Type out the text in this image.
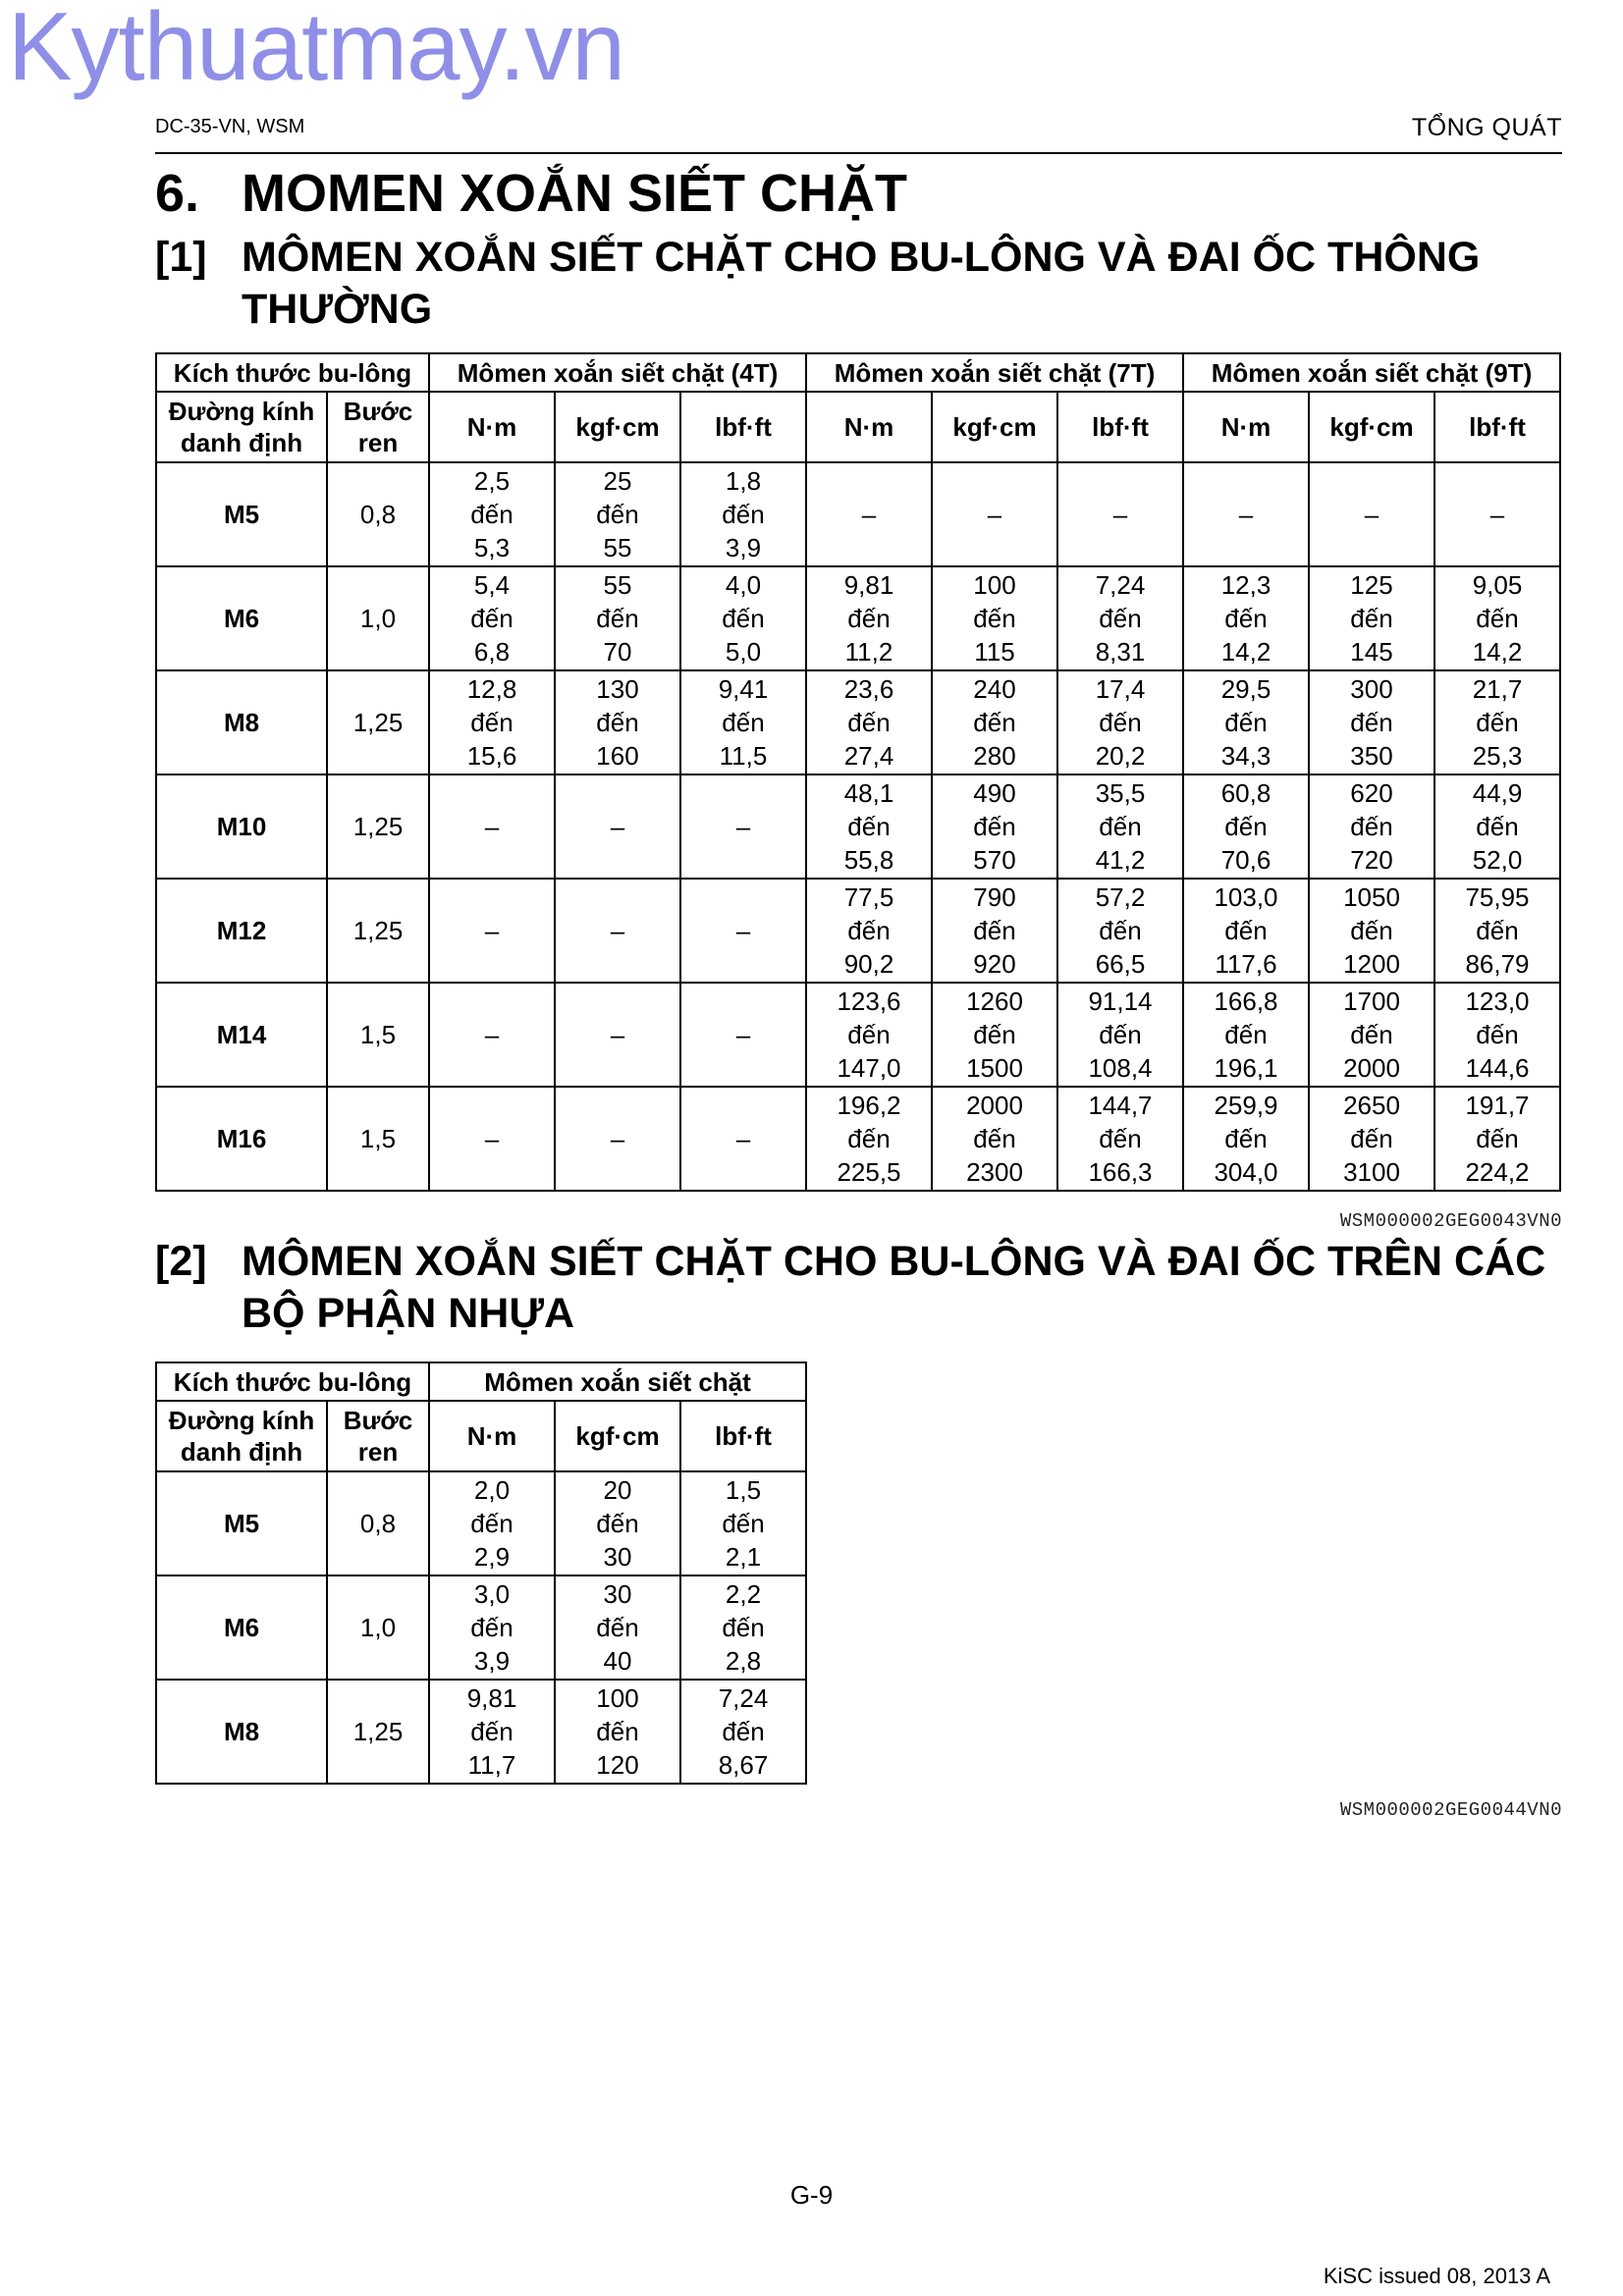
Kythuatmay.vn
DC-35-VN, WSM	TỔNG QUÁT
6. MOMEN XOẮN SIẾT CHẶT
[1] MÔMEN XOẮN SIẾT CHẶT CHO BU-LÔNG VÀ ĐAI ỐC THÔNG THƯỜNG
Kích thước bu-lông		Mômen xoắn siết chặt (4T)			Mômen xoắn siết chặt (7T)			Mômen xoắn siết chặt (9T)		
Đường kính danh định	Bước ren	N·m	kgf·cm	lbf·ft	N·m	kgf·cm	lbf·ft	N·m	kgf·cm	lbf·ft

M5	0,8	2,5
đến
5,3	25
đến
55	1,8
đến
3,9	–	–	–	–	–	–

M6	1,0	5,4
đến
6,8	55
đến
70	4,0
đến
5,0	9,81
đến
11,2	100
đến
115	7,24
đến
8,31	12,3
đến
14,2	125
đến
145	9,05
đến
14,2

M8	1,25	12,8
đến
15,6	130
đến
160	9,41
đến
11,5	23,6
đến
27,4	240
đến
280	17,4
đến
20,2	29,5
đến
34,3	300
đến
350	21,7
đến
25,3

M10	1,25	–	–	–	48,1
đến
55,8	490
đến
570	35,5
đến
41,2	60,8
đến
70,6	620
đến
720	44,9
đến
52,0

M12	1,25	–	–	–	77,5
đến
90,2	790
đến
920	57,2
đến
66,5	103,0
đến
117,6	1050
đến
1200	75,95
đến
86,79

M14	1,5	–	–	–	123,6
đến
147,0	1260
đến
1500	91,14
đến
108,4	166,8
đến
196,1	1700
đến
2000	123,0
đến
144,6

M16	1,5	–	–	–	196,2
đến
225,5	2000
đến
2300	144,7
đến
166,3	259,9
đến
304,0	2650
đến
3100	191,7
đến
224,2
WSM000002GEG0043VN0
[2] MÔMEN XOẮN SIẾT CHẶT CHO BU-LÔNG VÀ ĐAI ỐC TRÊN CÁC BỘ PHẬN NHỰA
Kích thước bu-lông		Mômen xoắn siết chặt		
Đường kính danh định	Bước ren	N·m	kgf·cm	lbf·ft

M5	0,8	2,0
đến
2,9	20
đến
30	1,5
đến
2,1

M6	1,0	3,0
đến
3,9	30
đến
40	2,2
đến
2,8

M8	1,25	9,81
đến
11,7	100
đến
120	7,24
đến
8,67
WSM000002GEG0044VN0
G-9
KiSC issued 08, 2013 A
